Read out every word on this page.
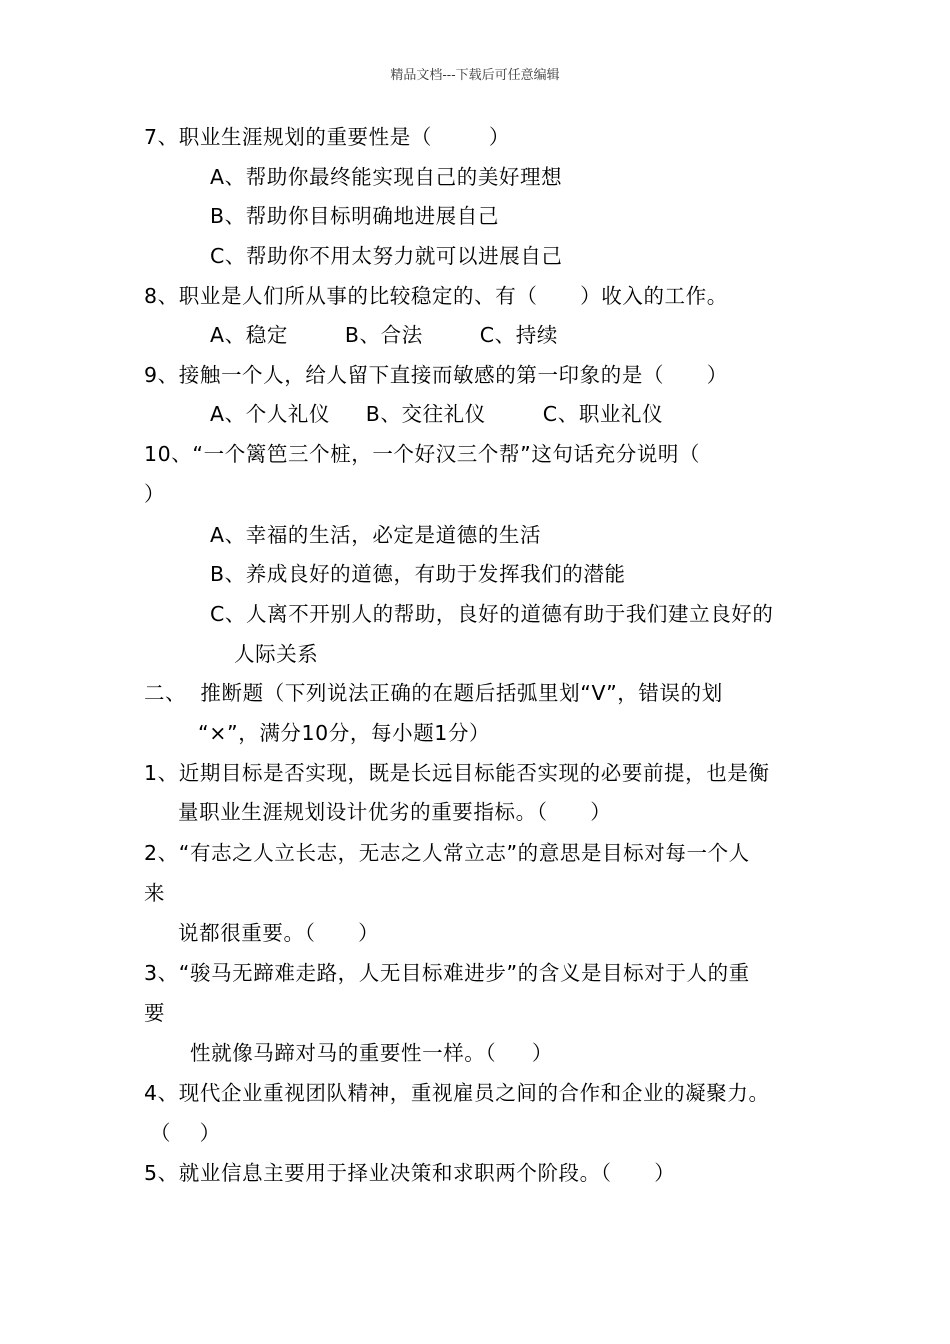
精品文档---下载后可任意编辑
7、职业生涯规划的重要性是（        ）
A、帮助你最终能实现自己的美好理想
B、帮助你目标明确地进展自己
C、帮助你不用太努力就可以进展自己
8、职业是人们所从事的比较稳定的、有（      ）收入的工作。
A、稳定        B、合法        C、持续
9、接触一个人，给人留下直接而敏感的第一印象的是（      ）
A、个人礼仪     B、交往礼仪        C、职业礼仪
10、“一个篱笆三个桩，一个好汉三个帮”这句话充分说明（
）
A、幸福的生活，必定是道德的生活
B、养成良好的道德，有助于发挥我们的潜能
C、人离不开别人的帮助，良好的道德有助于我们建立良好的
人际关系
二、  推断题（下列说法正确的在题后括弧里划“V”，错误的划
“×”，满分10分，每小题1分）
1、近期目标是否实现，既是长远目标能否实现的必要前提，也是衡
量职业生涯规划设计优劣的重要指标。（      ）
2、“有志之人立长志，无志之人常立志”的意思是目标对每一个人
来
说都很重要。（      ）
3、“骏马无蹄难走路，人无目标难进步”的含义是目标对于人的重
要
性就像马蹄对马的重要性一样。（     ）
4、现代企业重视团队精神，重视雇员之间的合作和企业的凝聚力。
（    ）
5、就业信息主要用于择业决策和求职两个阶段。（      ）
